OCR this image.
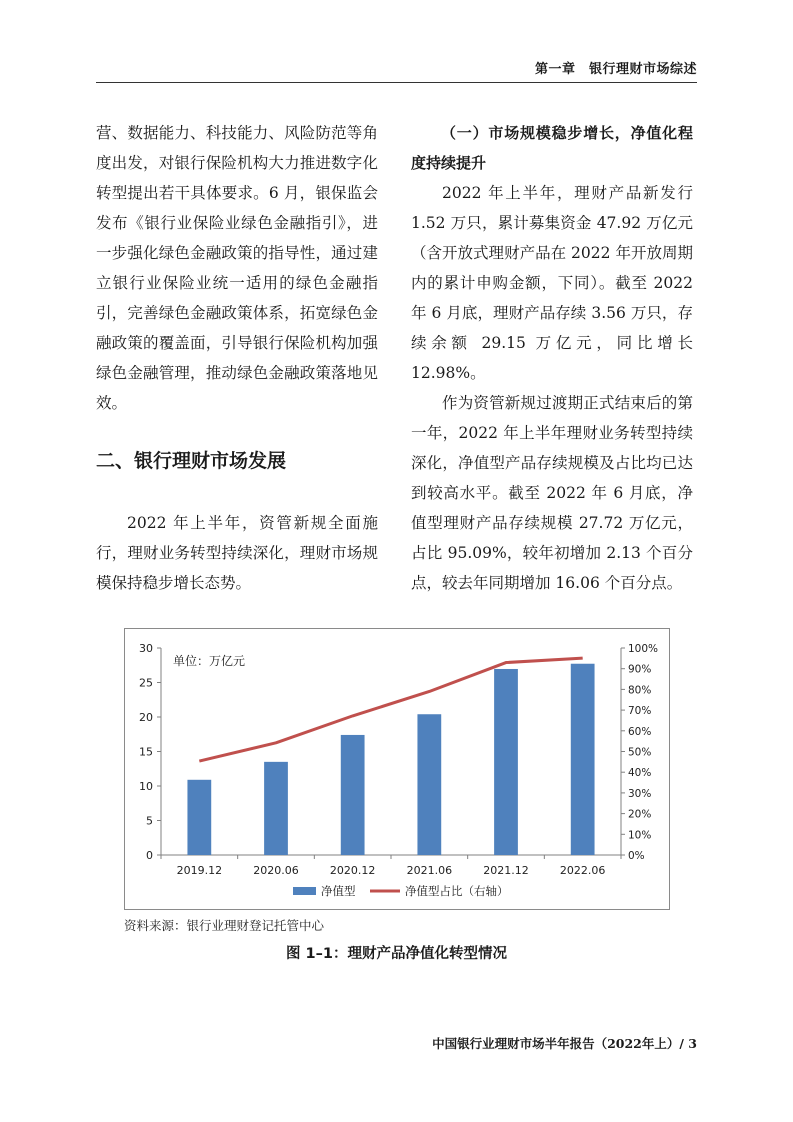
第一章　银行理财市场综述

营、数据能力、科技能力、风险防范等角度出发，对银行保险机构大力推进数字化转型提出若干具体要求。6 月，银保监会发布《银行业保险业绿色金融指引》，进一步强化绿色金融政策的指导性，通过建立银行业保险业统一适用的绿色金融指引，完善绿色金融政策体系，拓宽绿色金融政策的覆盖面，引导银行保险机构加强绿色金融管理，推动绿色金融政策落地见效。

二、银行理财市场发展

2022 年上半年，资管新规全面施行，理财业务转型持续深化，理财市场规模保持稳步增长态势。

（一）市场规模稳步增长，净值化程度持续提升

2022 年上半年，理财产品新发行 1.52 万只，累计募集资金 47.92 万亿元（含开放式理财产品在 2022 年开放周期内的累计申购金额，下同）。截至 2022 年 6 月底，理财产品存续 3.56 万只，存续余额 29.15 万亿元，同比增长 12.98%。

作为资管新规过渡期正式结束后的第一年，2022 年上半年理财业务转型持续深化，净值型产品存续规模及占比均已达到较高水平。截至 2022 年 6 月底，净值型理财产品存续规模 27.72 万亿元，占比 95.09%，较年初增加 2.13 个百分点，较去年同期增加 16.06 个百分点。

0
5
10
15
20
25
30
0%
10%
20%
30%
40%
50%
60%
70%
80%
90%
100%
2019.12	2020.06	2020.12	2021.06	2021.12	2022.06
单位：万亿元
净值型	净值型占比（右轴）
资料来源：银行业理财登记托管中心
图 1–1：理财产品净值化转型情况
中国银行业理财市场半年报告（2022年上）/ 3
